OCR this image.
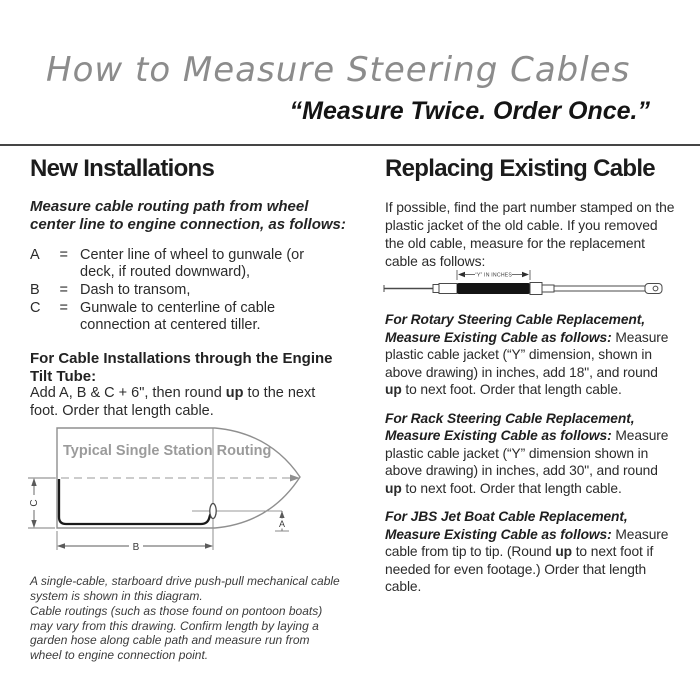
How to Measure Steering Cables
“Measure Twice. Order Once.”
New Installations

Measure cable routing path from wheel
center line to engine connection, as follows:

A = Center line of wheel to gunwale (or deck, if routed downward),
B = Dash to transom,
C = Gunwale to centerline of cable connection at centered tiller.

For Cable Installations through the Engine
Tilt Tube:

Add A, B & C + 6", then round up to the next foot. Order that length cable.

Typical Single Station Routing
C
B
A

A single-cable, starboard drive push-pull mechanical cable system is shown in this diagram.

Cable routings (such as those found on pontoon boats) may vary from this drawing. Confirm length by laying a garden hose along cable path and measure run from wheel to engine connection point.

Replacing Existing Cable

If possible, find the part number stamped on the plastic jacket of the old cable. If you removed the old cable, measure for the replacement cable as follows:

“Y” IN INCHES

For Rotary Steering Cable Replacement,
Measure Existing Cable as follows: Measure plastic cable jacket (“Y” dimension, shown in above drawing) in inches, add 18", and round up to next foot. Order that length cable.

For Rack Steering Cable Replacement,
Measure Existing Cable as follows: Measure plastic cable jacket (“Y” dimension shown in above drawing) in inches, add 30", and round up to next foot. Order that length cable.

For JBS Jet Boat Cable Replacement,
Measure Existing Cable as follows: Measure cable from tip to tip. (Round up to next foot if needed for even footage.) Order that length cable.
